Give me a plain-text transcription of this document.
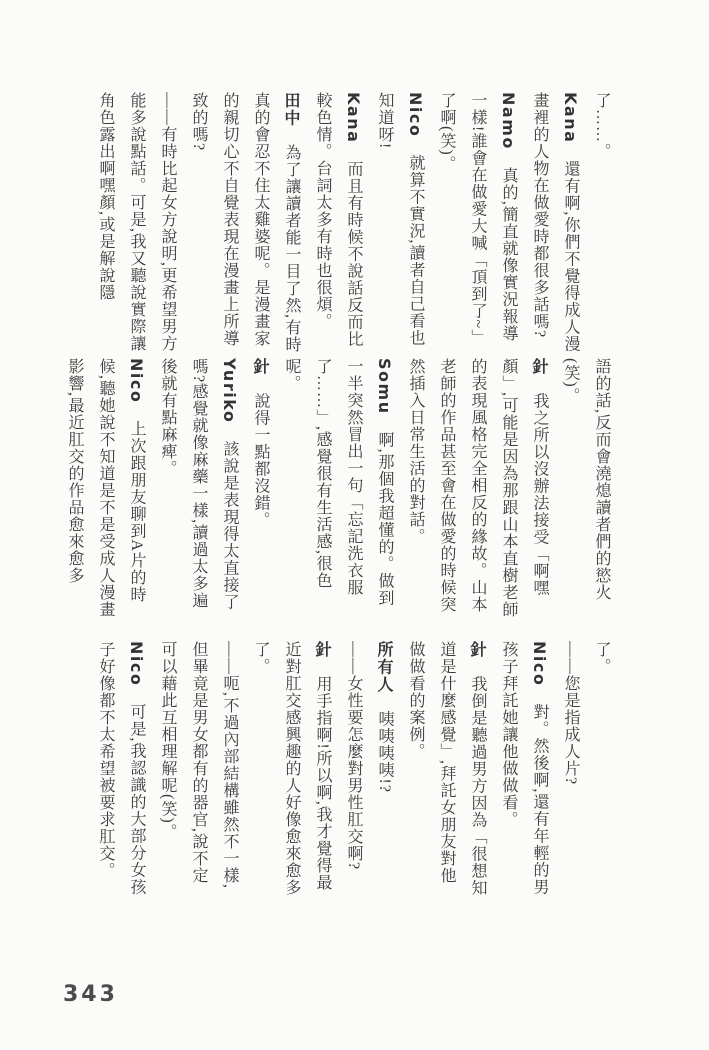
了……。

Kana　還有啊,你們不覺得成人漫畫裡的人物在做愛時都很多話嗎?

Namo　真的,簡直就像實況報導一樣!誰會在做愛大喊「頂到了~」了啊(笑)。

Nico　就算不實況,讀者自己看也知道呀!

Kana　而且有時候不說話反而比較色情。台詞太多有時也很煩。

田中　為了讓讀者能一目了然,有時真的會忍不住太雞婆呢。是漫畫家的親切心不自覺表現在漫畫上所導致的嗎?

——有時比起女方說明,更希望男方能多說點話。可是,我又聽說實際讓角色露出啊嘿顏,或是解說隱

語的話,反而會澆熄讀者們的慾火(笑)。

針　我之所以沒辦法接受「啊嘿顏」,可能是因為那跟山本直樹老師的表現風格完全相反的緣故。山本老師的作品甚至會在做愛的時候突然插入日常生活的對話。

Somu　啊,那個我超懂的。做到一半突然冒出一句「忘記洗衣服了……」,感覺很有生活感,很色呢。

針　說得一點都沒錯。

Yuriko　該說是表現得太直接了嗎?感覺就像麻藥一樣,讀過太多遍後就有點麻痺。

Nico　上次跟朋友聊到A片的時候,聽她說不知道是不是受成人漫畫影響,最近肛交的作品愈來愈多

了。

——您是指成人片?

Nico　對。然後啊,還有年輕的男孩子拜託她讓他做做看。

針　我倒是聽過男方因為「很想知道是什麼感覺」,拜託女朋友對他做做看的案例。

所有人　咦咦咦咦!?

——女性要怎麼對男性肛交啊?

針　用手指啊!所以啊,我才覺得最近對肛交感興趣的人好像愈來愈多了。

——呃,不過內部結構雖然不一樣,但畢竟是男女都有的器官,說不定可以藉此互相理解呢(笑)。

Nico　可是,我認識的大部分女孩子好像都不太希望被要求肛交。

343
